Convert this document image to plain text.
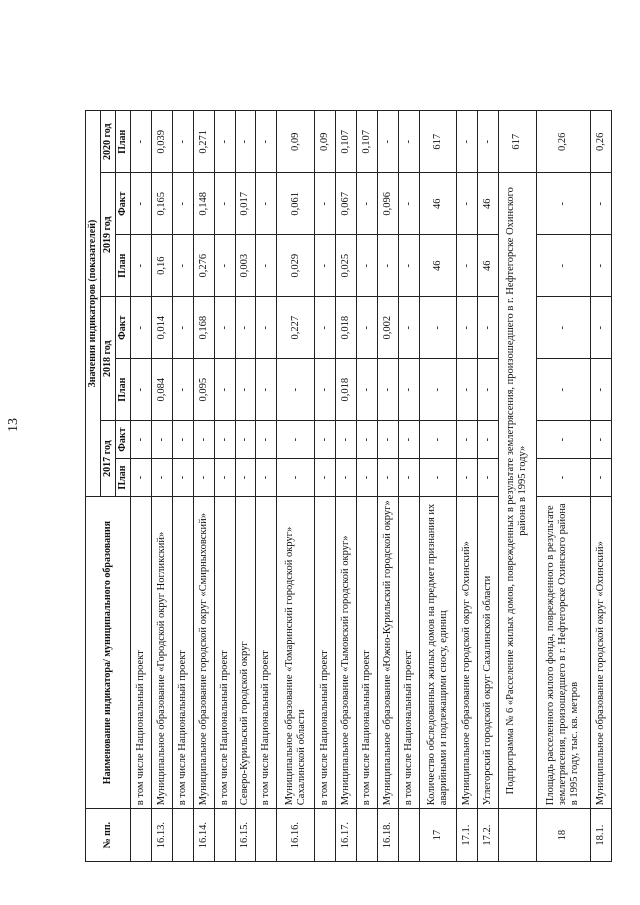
13
№ пп.	Наименование индикатора/ муниципального образования	Значения индикаторов (показателей)						
		2017 год		2018 год		2019 год		2020 год
		План	Факт	План	Факт	План	Факт	План
	в том числе Национальный проект	-	-	-	-	-	-	-
16.13.	Муниципальное образование «Городской округ Ногликский»	-	-	0,084	0,014	0,16	0,165	0,039
	в том числе Национальный проект	-	-	-	-	-	-	-
16.14.	Муниципальное образование городской округ «Смирныховский»	-	-	0,095	0,168	0,276	0,148	0,271
	в том числе Национальный проект	-	-	-	-	-	-	-
16.15.	Северо-Курильский городской округ	-	-	-	-	0,003	0,017	-
	в том числе Национальный проект	-	-	-	-	-	-	-
16.16.	Муниципальное образование «Томаринский городской округ» Сахалинской области	-	-	-	0,227	0,029	0,061	0,09
	в том числе Национальный проект	-	-	-	-	-	-	0,09
16.17.	Муниципальное образование «Тымовский городской округ»	-	-	0,018	0,018	0,025	0,067	0,107
	в том числе Национальный проект	-	-	-	-	-	-	0,107
16.18.	Муниципальное образование «Южно-Курильский городской округ»	-	-	-	0,002	-	0,096	-
	в том числе Национальный проект	-	-	-	-	-	-	-
17	Количество обследованных жилых домов на предмет признания их аварийными и подлежащими сносу, единиц	-	-	-	-	46	46	617
17.1.	Муниципальное образование городской округ «Охинский»	-	-	-	-	-	-	-
17.2.	Углегорский городской округ Сахалинской области	-	-	-	-	46	46	-
	Подпрограмма № 6 «Расселение жилых домов, поврежденных в результате землетрясения, произошедшего в г. Нефтегорске Охинского района в 1995 году»							617
18	Площадь расселенного жилого фонда, поврежденного в результате землетрясения, произошедшего в г. Нефтегорске Охинского района в 1995 году, тыс. кв. метров	-	-	-	-	-	-	0,26
18.1.	Муниципальное образование городской округ «Охинский»	-	-	-	-	-	-	0,26
